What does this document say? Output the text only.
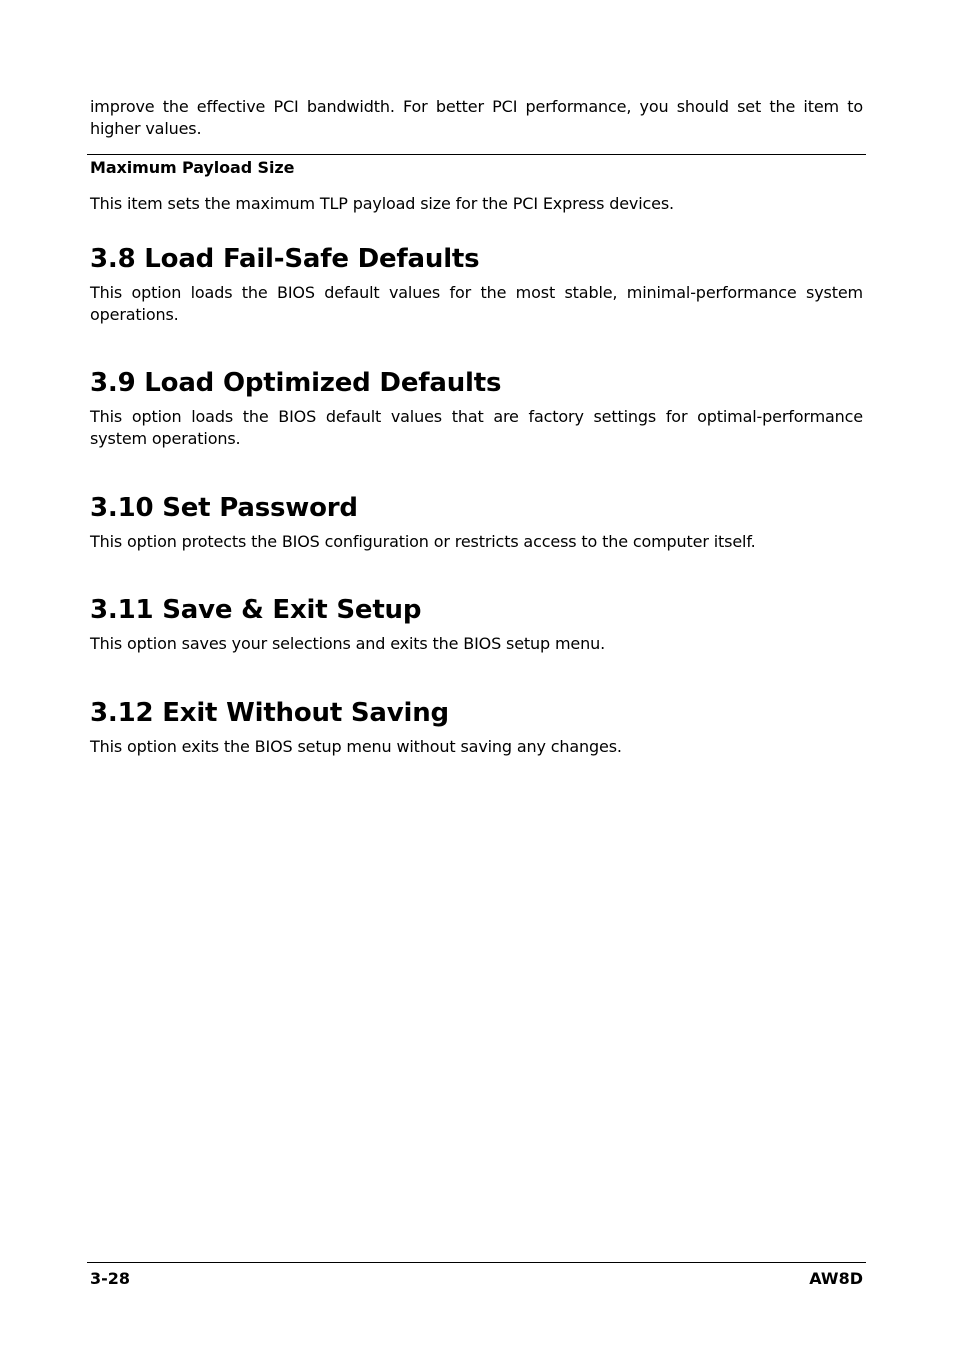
improve the effective PCI bandwidth. For better PCI performance, you should set the item to higher values.

Maximum Payload Size
This item sets the maximum TLP payload size for the PCI Express devices.
3.8 Load Fail-Safe Defaults
This option loads the BIOS default values for the most stable, minimal-performance system operations.
3.9 Load Optimized Defaults
This option loads the BIOS default values that are factory settings for optimal-performance system operations.
3.10 Set Password
This option protects the BIOS configuration or restricts access to the computer itself.
3.11 Save & Exit Setup
This option saves your selections and exits the BIOS setup menu.
3.12 Exit Without Saving
This option exits the BIOS setup menu without saving any changes.
3-28	AW8D
